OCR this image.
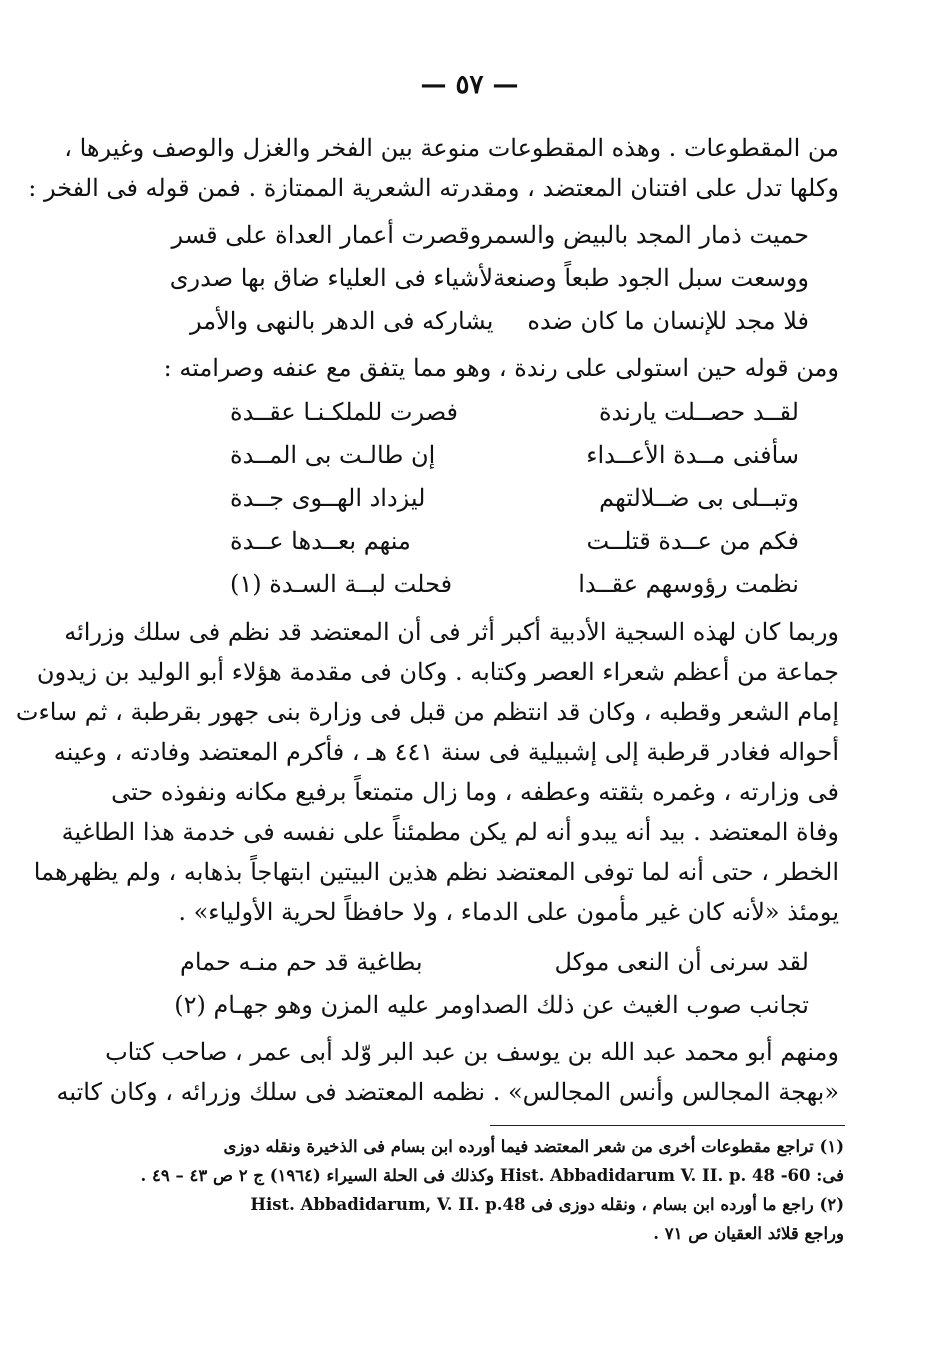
— ٥٧ —
من المقطوعات . وهذه المقطوعات منوعة بين الفخر والغزل والوصف وغيرها ،
وكلها تدل على افتنان المعتضد ، ومقدرته الشعرية الممتازة . فمن قوله فى الفخر :
حميت ذمار المجد بالبيض والسمر
وقصرت أعمار العداة على قسر
ووسعت سبل الجود طبعاً وصنعة
لأشياء فى العلياء ضاق بها صدرى
فلا مجد للإنسان ما كان ضده
يشاركه فى الدهر بالنهى والأمر
ومن قوله حين استولى على رندة ، وهو مما يتفق مع عنفه وصرامته :
لقــد حصــلت يارندة
فصرت للملكـنـا عقــدة
سأفنى مــدة الأعــداء
إن طالـت بى المــدة
وتبــلى بى ضــلالتهم
ليزداد الهــوى جــدة
فكم من عــدة قتلــت
منهم بعــدها عــدة
نظمت رؤوسهم عقــدا
فحلت لبــة السـدة (١)
وربما كان لهذه السجية الأدبية أكبر أثر فى أن المعتضد قد نظم فى سلك وزرائه
جماعة من أعظم شعراء العصر وكتابه . وكان فى مقدمة هؤلاء أبو الوليد بن زيدون
إمام الشعر وقطبه ، وكان قد انتظم من قبل فى وزارة بنى جهور بقرطبة ، ثم ساءت
أحواله فغادر قرطبة إلى إشبيلية فى سنة ٤٤١ هـ ، فأكرم المعتضد وفادته ، وعينه
فى وزارته ، وغمره بثقته وعطفه ، وما زال متمتعاً برفيع مكانه ونفوذه حتى
وفاة المعتضد . بيد أنه يبدو أنه لم يكن مطمئناً على نفسه فى خدمة هذا الطاغية
الخطر ، حتى أنه لما توفى المعتضد نظم هذين البيتين ابتهاجاً بذهابه ، ولم يظهرهما
يومئذ «لأنه كان غير مأمون على الدماء ، ولا حافظاً لحرية الأولياء» .
لقد سرنى أن النعى موكل
بطاغية قد حم منـه حمام
تجانب صوب الغيث عن ذلك الصدا
ومر عليه المزن وهو جهـام (٢)
ومنهم أبو محمد عبد الله بن يوسف بن عبد البر وّلد أبى عمر ، صاحب كتاب
«بهجة المجالس وأنس المجالس» . نظمه المعتضد فى سلك وزرائه ، وكان كاتبه
(١) تراجع مقطوعات أخرى من شعر المعتضد فيما أورده ابن بسام فى الذخيرة ونقله دوزى
فى: Hist. Abbadidarum V. II. p. 48 -60 وكذلك فى الحلة السيراء (١٩٦٤) ج ٢ ص ٤٣ – ٤٩ .
(٢) راجع ما أورده ابن بسام ، ونقله دوزى فى Hist. Abbadidarum, V. II. p.48
وراجع قلائد العقيان ص ٧١ .
